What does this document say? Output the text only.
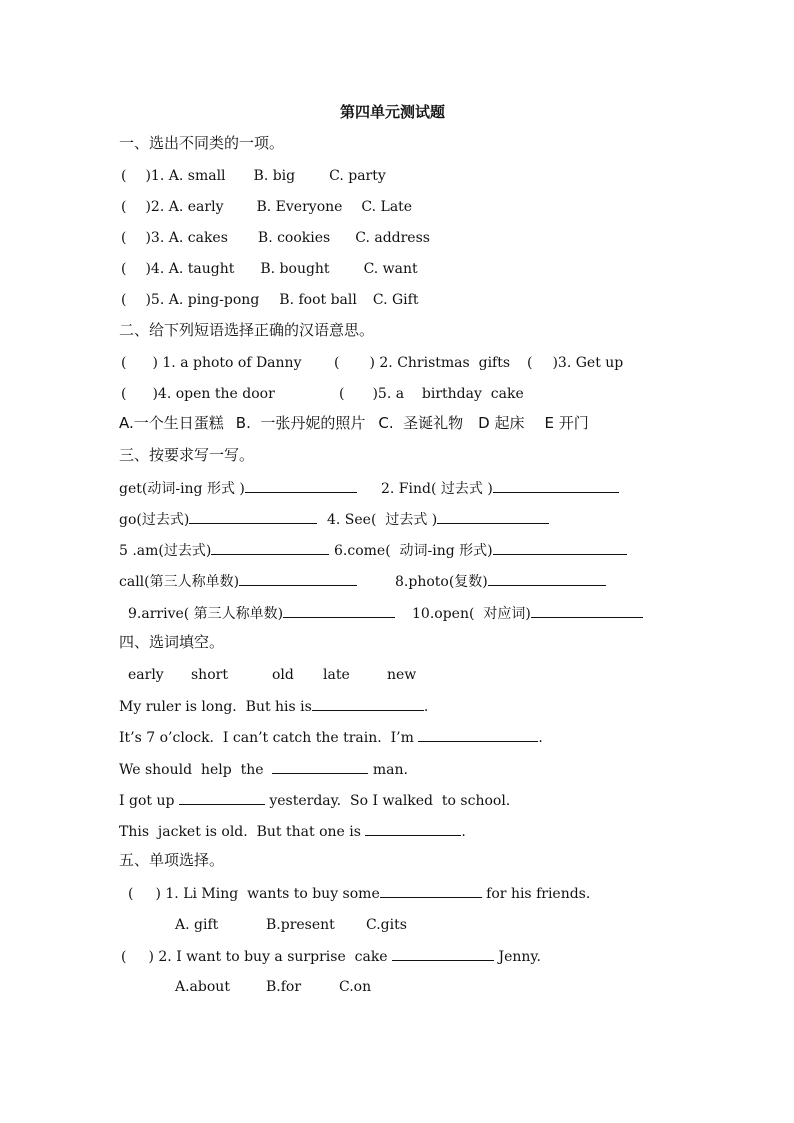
第四单元测试题
一、选出不同类的一项。
( )1. A. small B. big C. party
( )2. A. early B. Everyone C. Late
( )3. A. cakes B. cookies C. address
( )4. A. taught B. bought C. want
( )5. A. ping-pong B. foot ball C. Gift
二、给下列短语选择正确的汉语意思。
( ) 1. a photo of Danny ( ) 2. Christmas  gifts ( )3. Get up
( )4. open the door	( )5. a    birthday  cake
A.一个生日蛋糕 B.  一张丹妮的照片 C.  圣诞礼物 D 起床 E 开门
三、按要求写一写。
get(动词-ing 形式 )	2. Find( 过去式 )
go(过去式)	4. See(  过去式 )
5 .am(过去式)	6.come(  动词-ing 形式)
call(第三人称单数)	8.photo(复数)
9.arrive( 第三人称单数)	10.open(  对应词)
四、选词填空。
early short	old late	new
My ruler is long.  But his is	.
It’s 7 o’clock.  I can’t catch the train.  I’m	.
We should  help  the	man.
I got up	yesterday.  So I walked  to school.
This  jacket is old.  But that one is	.
五、单项选择。
( ) 1. Li Ming  wants to buy some	for his friends.
A. gift	B.present C.gits
( ) 2. I want to buy a surprise  cake	Jenny.
A.about	B.for	C.on
